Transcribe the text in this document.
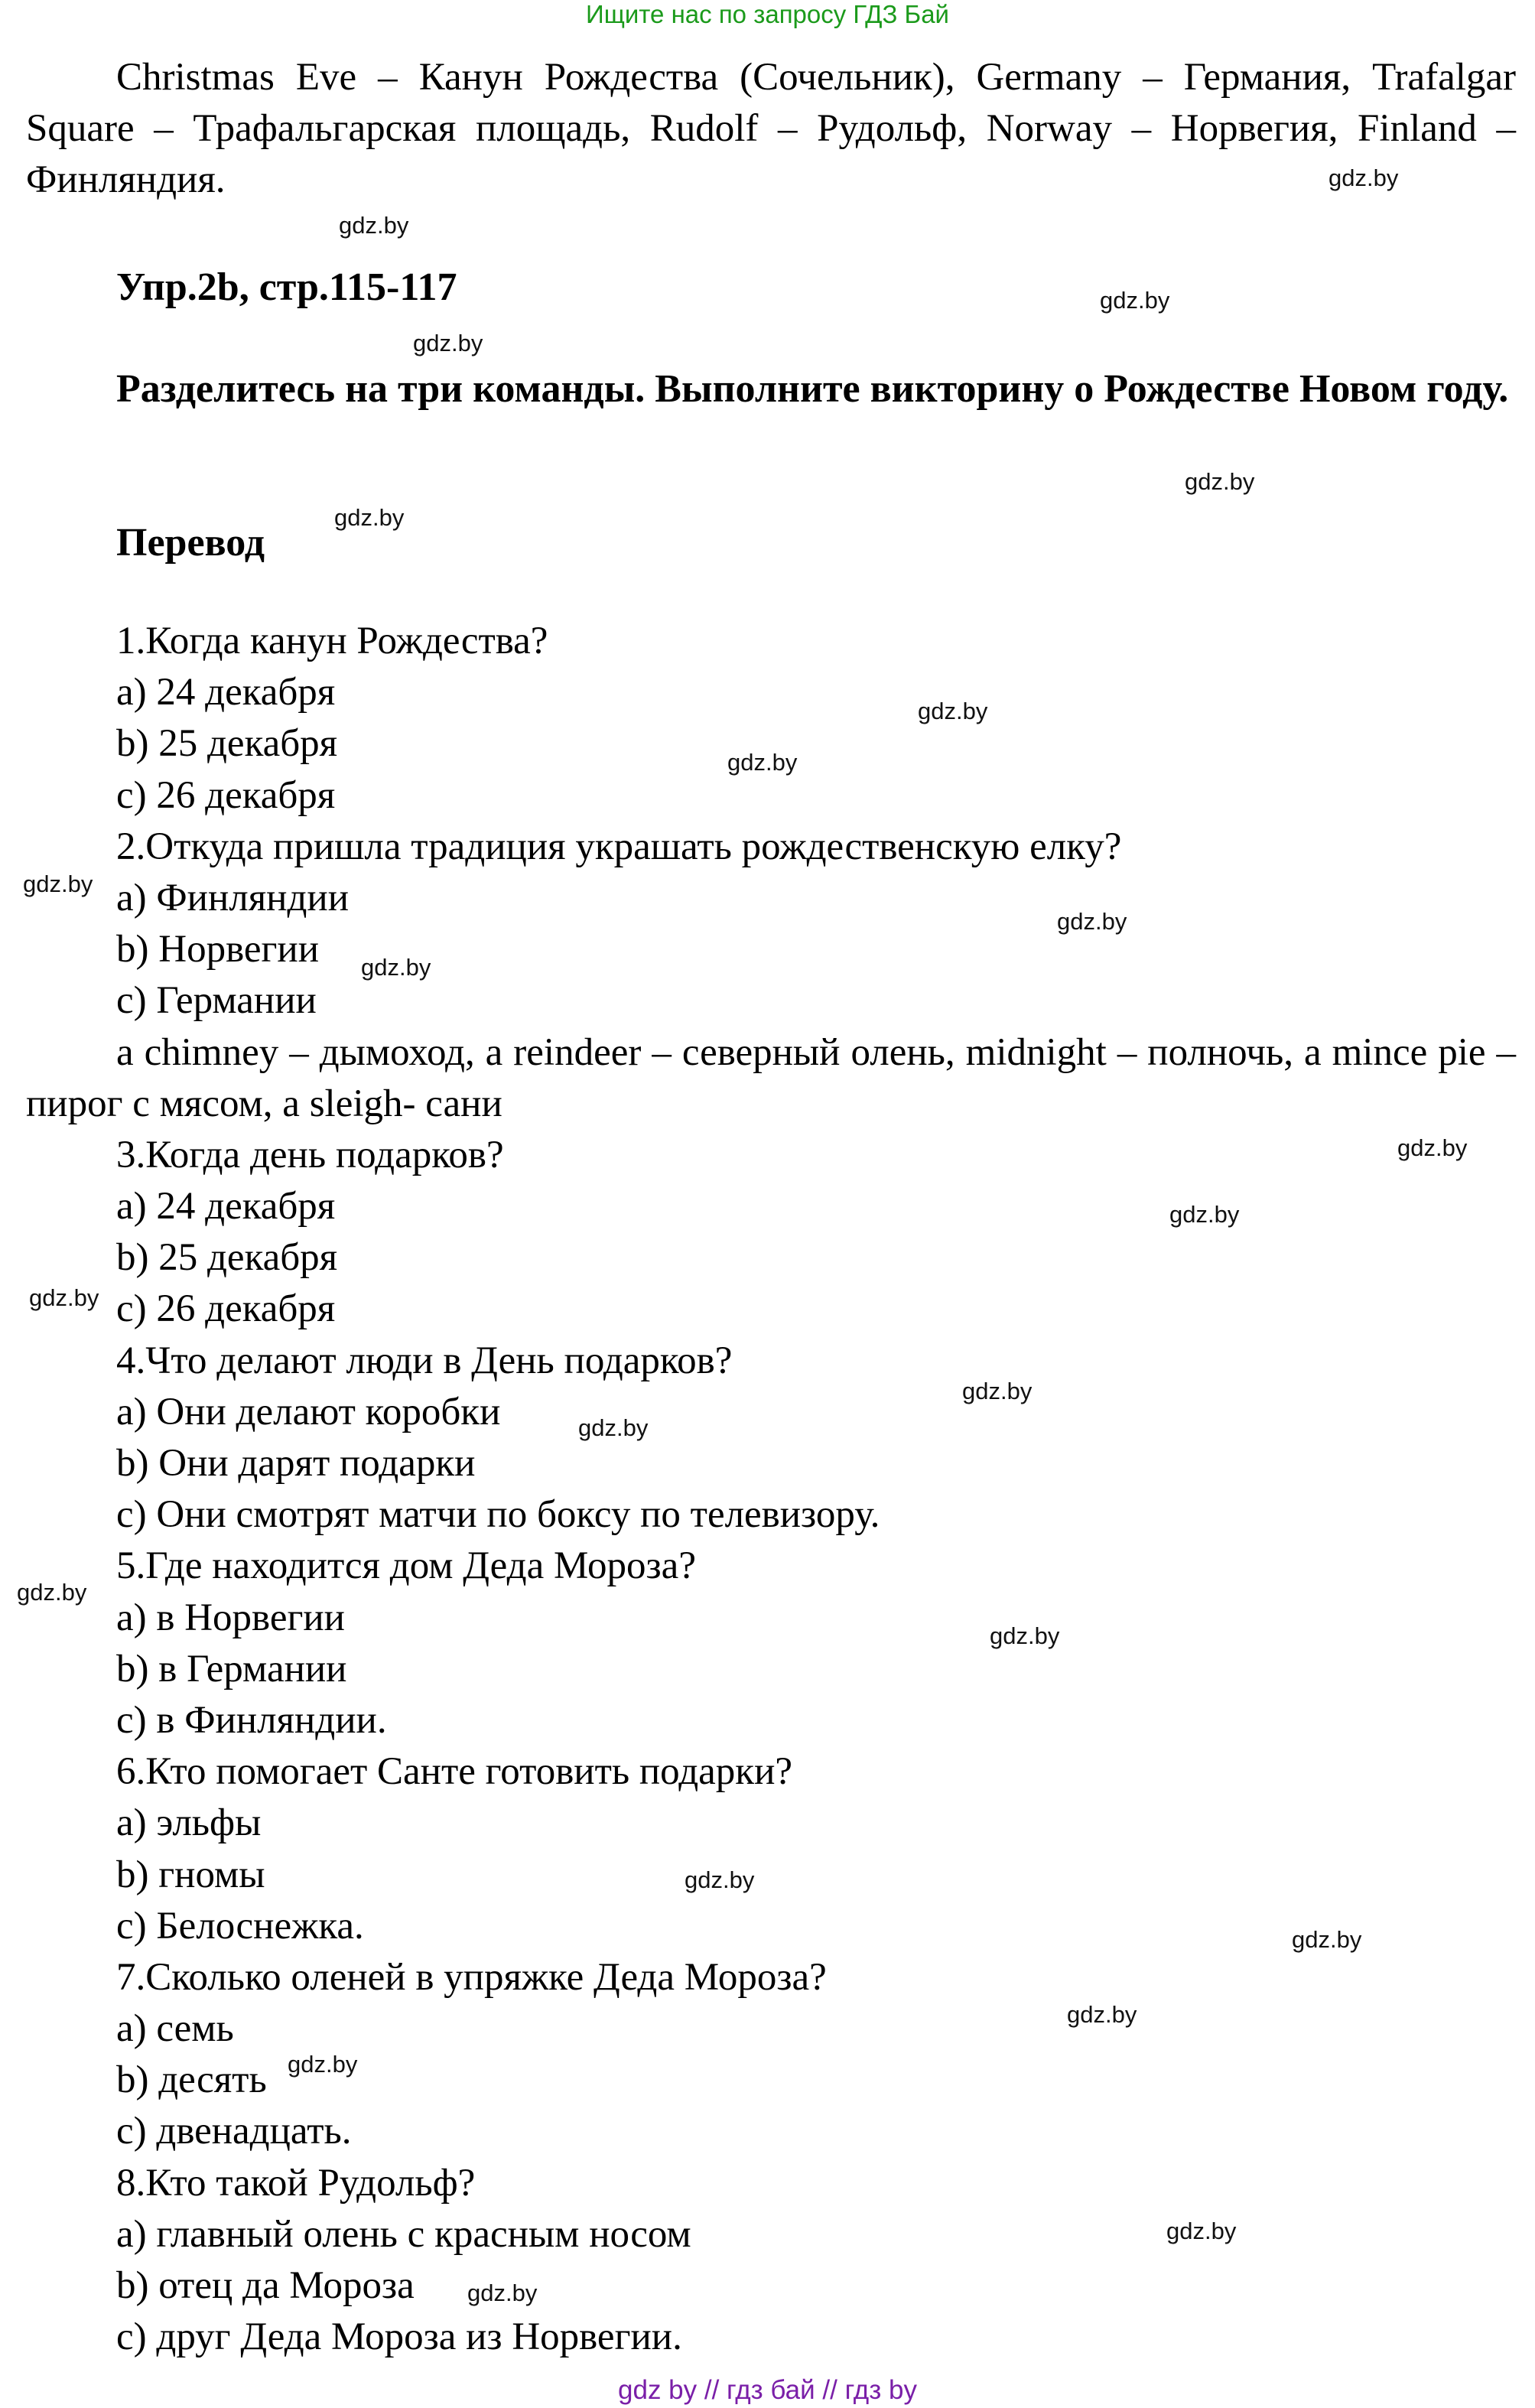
Ищите нас по запросу ГДЗ Бай

Christmas Eve – Канун Рождества (Сочельник), Germany – Германия, Trafalgar Square – Трафальгарская площадь, Rudolf – Рудольф, Norway – Норвегия, Finland – Финляндия.

Упр.2b, стр.115-117

Разделитесь на три команды. Выполните викторину о Рождестве Новом году.

Перевод
1.Когда канун Рождества?
a) 24 декабря
b) 25 декабря
c) 26 декабря
2.Откуда пришла традиция украшать рождественскую елку?
a) Финляндии
b) Норвегии
c) Германии
a chimney – дымоход, a reindeer – северный олень, midnight – полночь, a mince pie – пирог с мясом, a sleigh- сани
3.Когда день подарков?
a) 24 декабря
b) 25 декабря
c) 26 декабря
4.Что делают люди в День подарков?
a) Они делают коробки
b) Они дарят подарки
c) Они смотрят матчи по боксу по телевизору.
5.Где находится дом Деда Мороза?
a) в Норвегии
b) в Германии
c) в Финляндии.
6.Кто помогает Санте готовить подарки?
a) эльфы
b) гномы
c) Белоснежка.
7.Сколько оленей в упряжке Деда Мороза?
a) семь
b) десять
c) двенадцать.
8.Кто такой Рудольф?
a) главный олень с красным носом
b) отец да Мороза
c) друг Деда Мороза из Норвегии.
gdz.by
gdz.by
gdz.by
gdz.by
gdz.by
gdz.by
gdz.by
gdz.by
gdz.by
gdz.by
gdz.by
gdz.by
gdz.by
gdz.by
gdz.by
gdz.by
gdz.by
gdz.by
gdz.by
gdz.by
gdz.by
gdz.by
gdz.by
gdz.by
gdz by // гдз бай // гдз by
